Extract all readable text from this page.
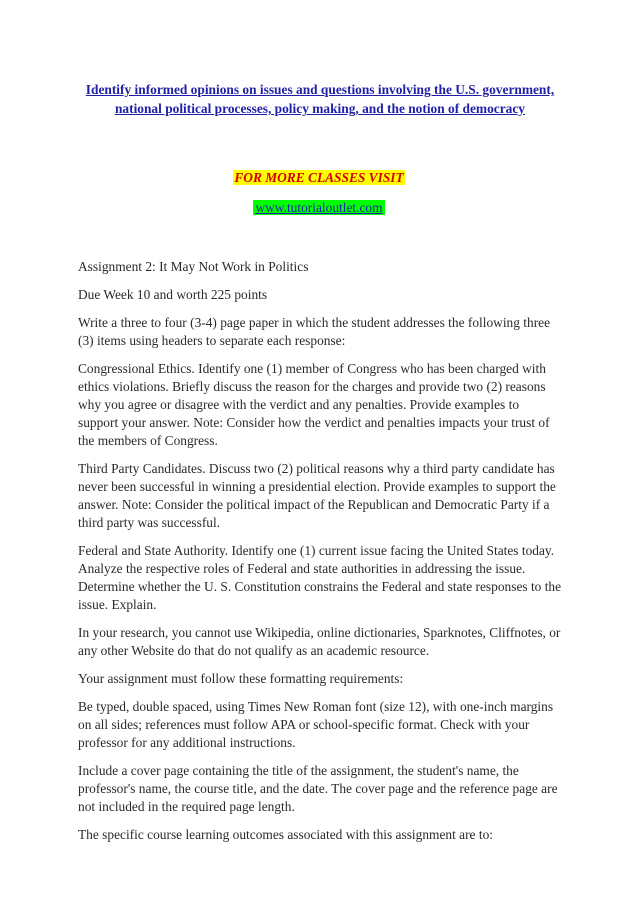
Identify informed opinions on issues and questions involving the U.S. government, national political processes, policy making, and the notion of democracy
FOR MORE CLASSES VISIT
www.tutorialoutlet.com

Assignment 2: It May Not Work in Politics

Due Week 10 and worth 225 points

Write a three to four (3-4) page paper in which the student addresses the following three (3) items using headers to separate each response:

Congressional Ethics. Identify one (1) member of Congress who has been charged with ethics violations. Briefly discuss the reason for the charges and provide two (2) reasons why you agree or disagree with the verdict and any penalties. Provide examples to support your answer. Note: Consider how the verdict and penalties impacts your trust of the members of Congress.

Third Party Candidates. Discuss two (2) political reasons why a third party candidate has never been successful in winning a presidential election. Provide examples to support the answer. Note: Consider the political impact of the Republican and Democratic Party if a third party was successful.

Federal and State Authority. Identify one (1) current issue facing the United States today. Analyze the respective roles of Federal and state authorities in addressing the issue. Determine whether the U. S. Constitution constrains the Federal and state responses to the issue. Explain.

In your research, you cannot use Wikipedia, online dictionaries, Sparknotes, Cliffnotes, or any other Website do that do not qualify as an academic resource.

Your assignment must follow these formatting requirements:

Be typed, double spaced, using Times New Roman font (size 12), with one-inch margins on all sides; references must follow APA or school-specific format. Check with your professor for any additional instructions.

Include a cover page containing the title of the assignment, the student's name, the professor's name, the course title, and the date. The cover page and the reference page are not included in the required page length.

The specific course learning outcomes associated with this assignment are to:
